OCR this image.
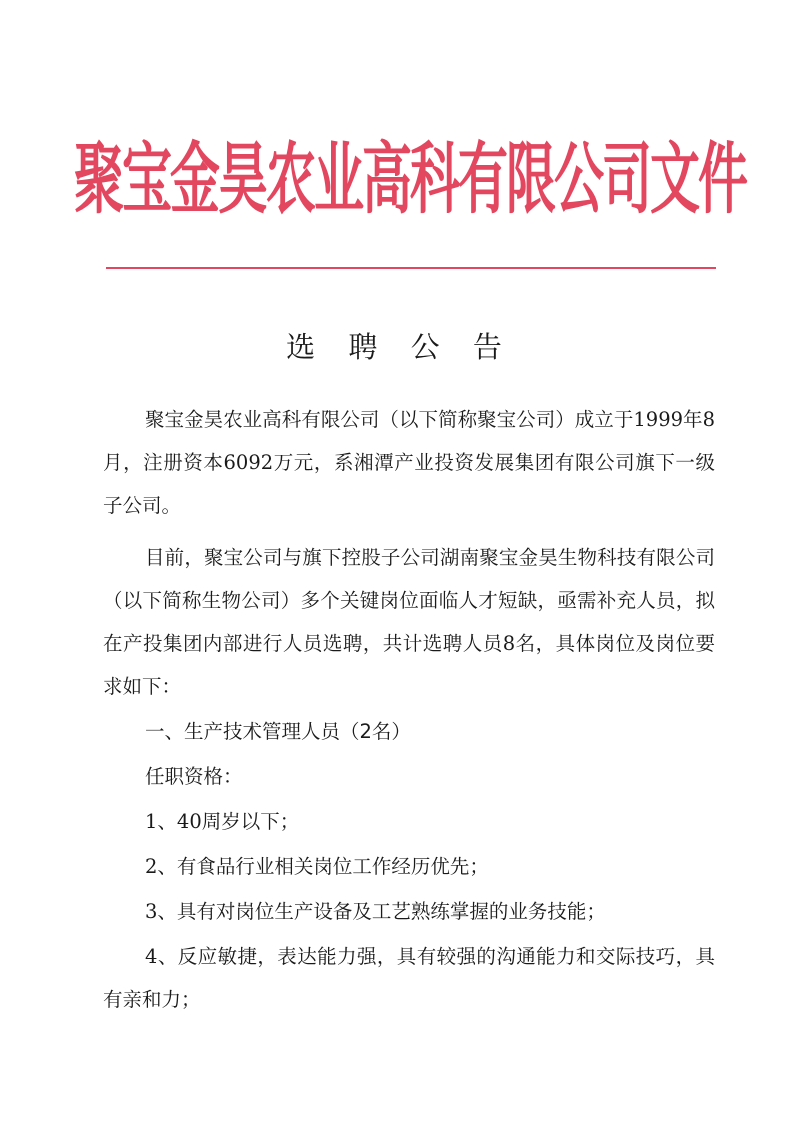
聚宝金昊农业高科有限公司文件
选 聘 公 告

聚宝金昊农业高科有限公司（以下简称聚宝公司）成立于1999年8月，注册资本6092万元，系湘潭产业投资发展集团有限公司旗下一级子公司。

目前，聚宝公司与旗下控股子公司湖南聚宝金昊生物科技有限公司（以下简称生物公司）多个关键岗位面临人才短缺，亟需补充人员，拟在产投集团内部进行人员选聘，共计选聘人员8名，具体岗位及岗位要求如下：

一、生产技术管理人员（2名）

任职资格：

1、40周岁以下；

2、有食品行业相关岗位工作经历优先；

3、具有对岗位生产设备及工艺熟练掌握的业务技能；

4、反应敏捷，表达能力强，具有较强的沟通能力和交际技巧，具有亲和力；
